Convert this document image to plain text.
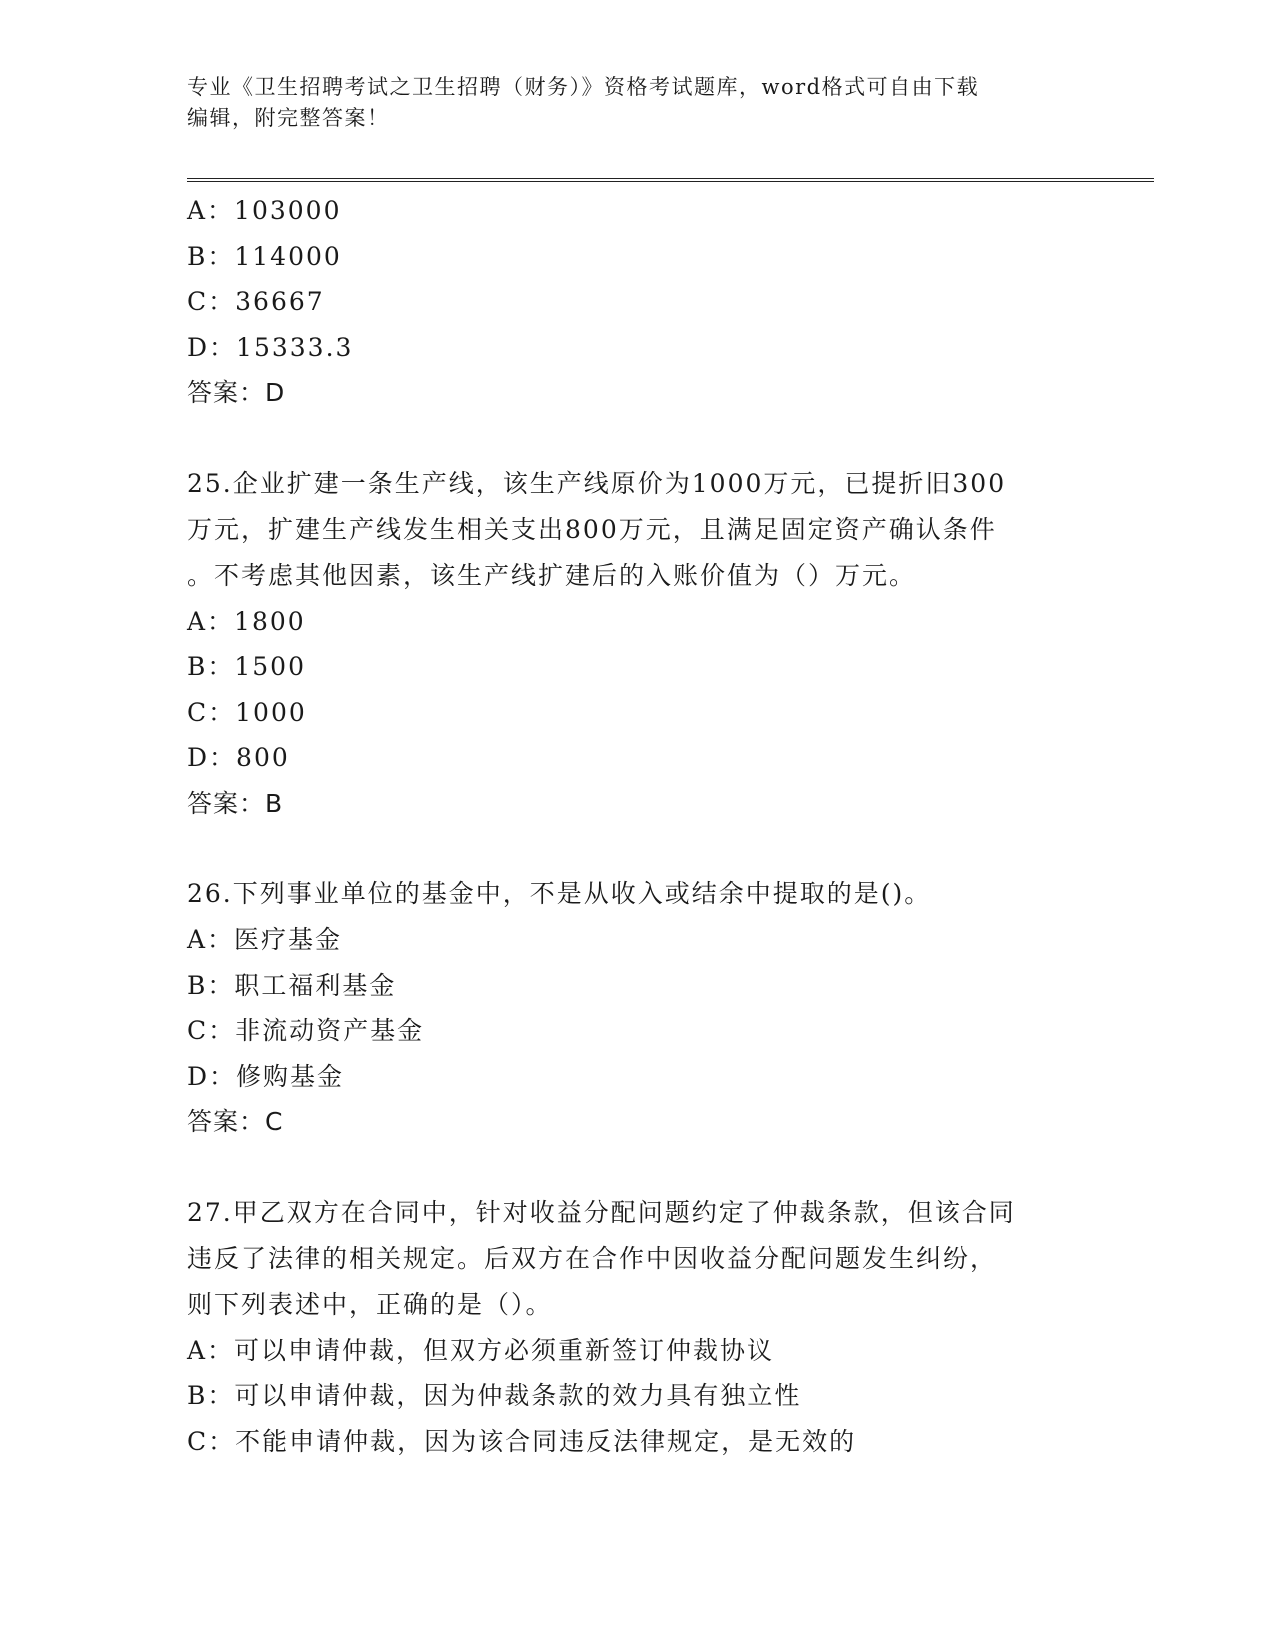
专业《卫生招聘考试之卫生招聘（财务）》资格考试题库，word格式可自由下载
编辑，附完整答案！
A：103000
B：114000
C：36667
D：15333.3
答案：D
25.企业扩建一条生产线，该生产线原价为1000万元，已提折旧300
万元，扩建生产线发生相关支出800万元，且满足固定资产确认条件
。不考虑其他因素，该生产线扩建后的入账价值为（）万元。
A：1800
B：1500
C：1000
D：800
答案：B
26.下列事业单位的基金中，不是从收入或结余中提取的是()。
A：医疗基金
B：职工福利基金
C：非流动资产基金
D：修购基金
答案：C
27.甲乙双方在合同中，针对收益分配问题约定了仲裁条款，但该合同
违反了法律的相关规定。后双方在合作中因收益分配问题发生纠纷，
则下列表述中，正确的是（）。
A：可以申请仲裁，但双方必须重新签订仲裁协议
B：可以申请仲裁，因为仲裁条款的效力具有独立性
C：不能申请仲裁，因为该合同违反法律规定，是无效的
